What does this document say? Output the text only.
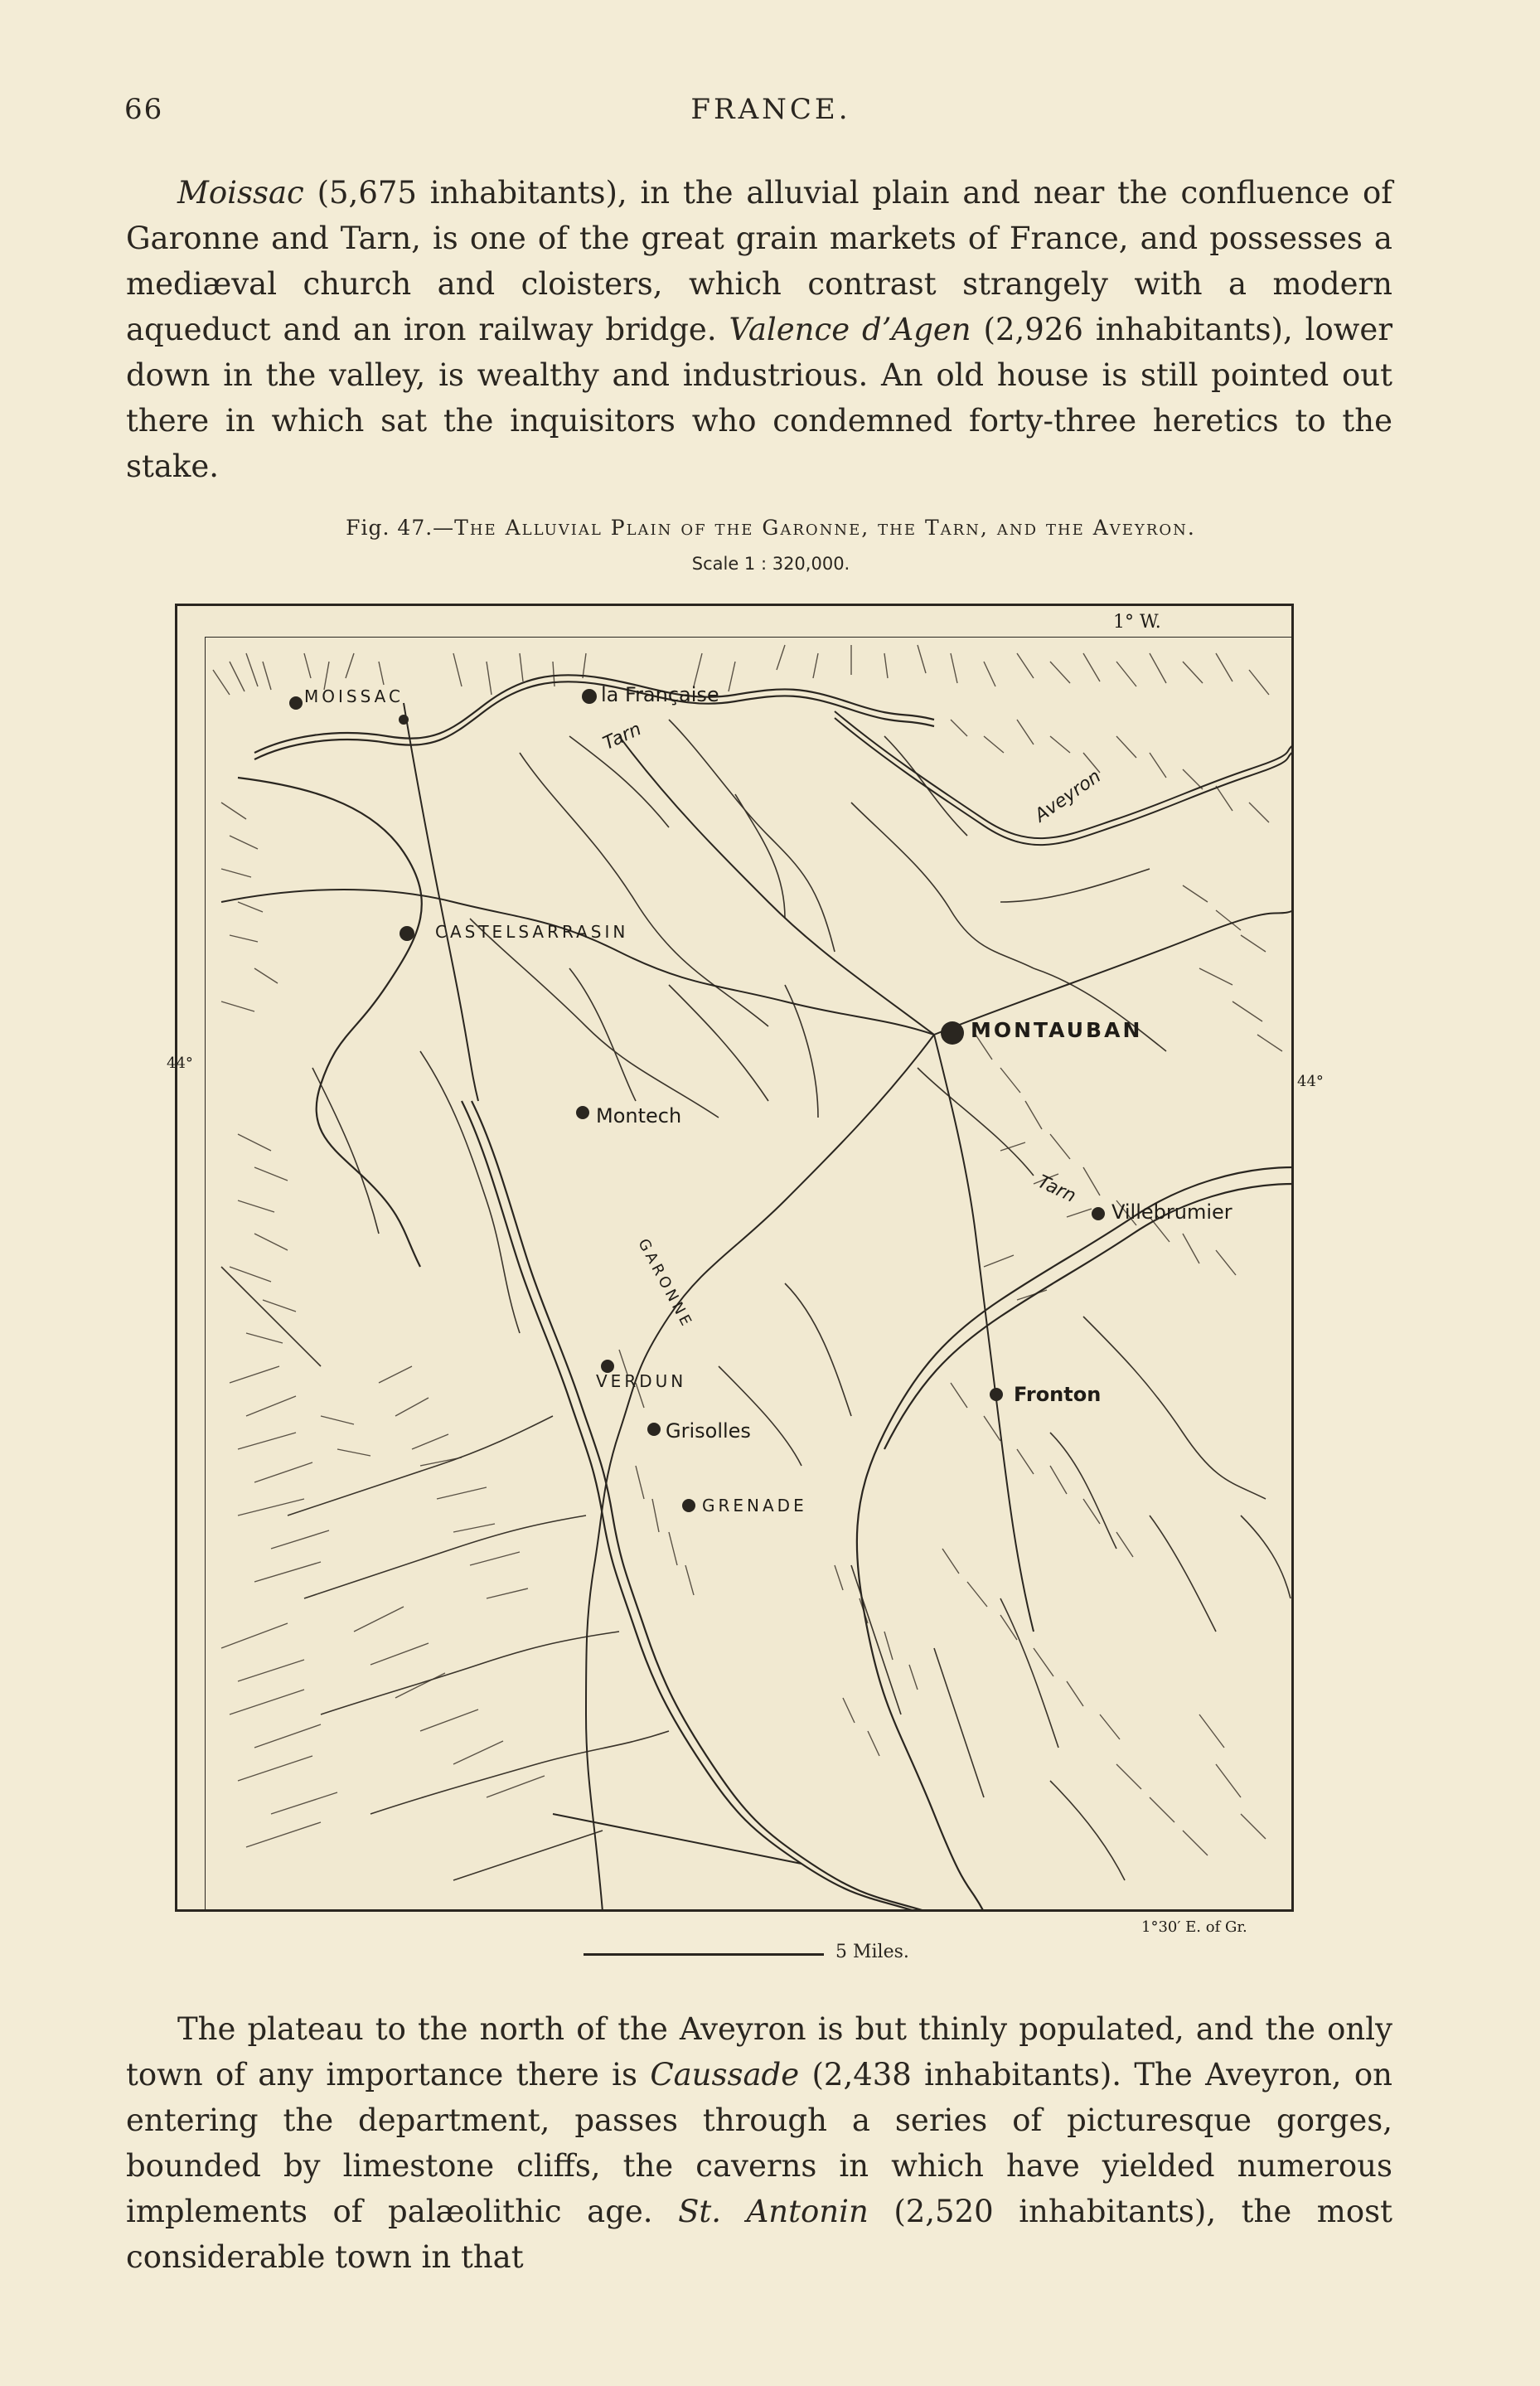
66	FRANCE.
Moissac (5,675 inhabitants), in the alluvial plain and near the confluence of Garonne and Tarn, is one of the great grain markets of France, and possesses a mediæval church and cloisters, which contrast strangely with a modern aqueduct and an iron railway bridge. Valence d’Agen (2,926 inhabitants), lower down in the valley, is wealthy and industrious. An old house is still pointed out there in which sat the inquisitors who condemned forty-three heretics to the stake.
Fig. 47.—The Alluvial Plain of the Garonne, the Tarn, and the Aveyron.
Scale 1 : 320,000.
MOISSAC	la Française
Tarn
Aveyron
CASTELSARRASIN
MONTAUBAN
Montech
Tarn
Villebrumier
GARONNE
VERDUN
Fronton
Grisolles
GRENADE
1° W.
44°
44°
1°30′ E. of Gr.
5 Miles.
The plateau to the north of the Aveyron is but thinly populated, and the only town of any importance there is Caussade (2,438 inhabitants). The Aveyron, on entering the department, passes through a series of picturesque gorges, bounded by limestone cliffs, the caverns in which have yielded numerous implements of palæolithic age. St. Antonin (2,520 inhabitants), the most considerable town in that
